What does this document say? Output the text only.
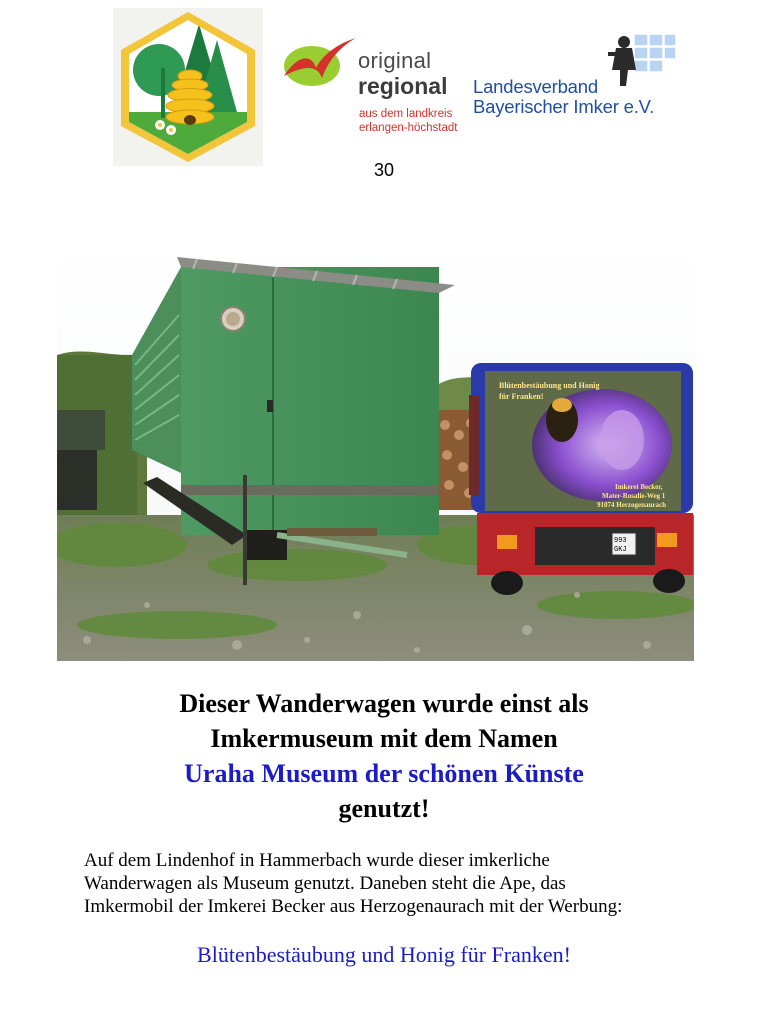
original
regional
aus dem landkreis
erlangen-höchstadt
Landesverband
Bayerischer Imker e.V.
30
Blütenbestäubung und Honig
für Franken!
Imkerei Becker,
Mater-Rosalie-Weg 1
91074 Herzogenaurach
993
GKJ
Dieser Wanderwagen wurde einst als
Imkermuseum mit dem Namen
Uraha Museum der schönen Künste
genutzt!
Auf dem Lindenhof in Hammerbach wurde dieser imkerliche
Wanderwagen als Museum genutzt. Daneben steht die Ape, das
Imkermobil der Imkerei Becker aus Herzogenaurach mit der Werbung:
Blütenbestäubung und Honig für Franken!
